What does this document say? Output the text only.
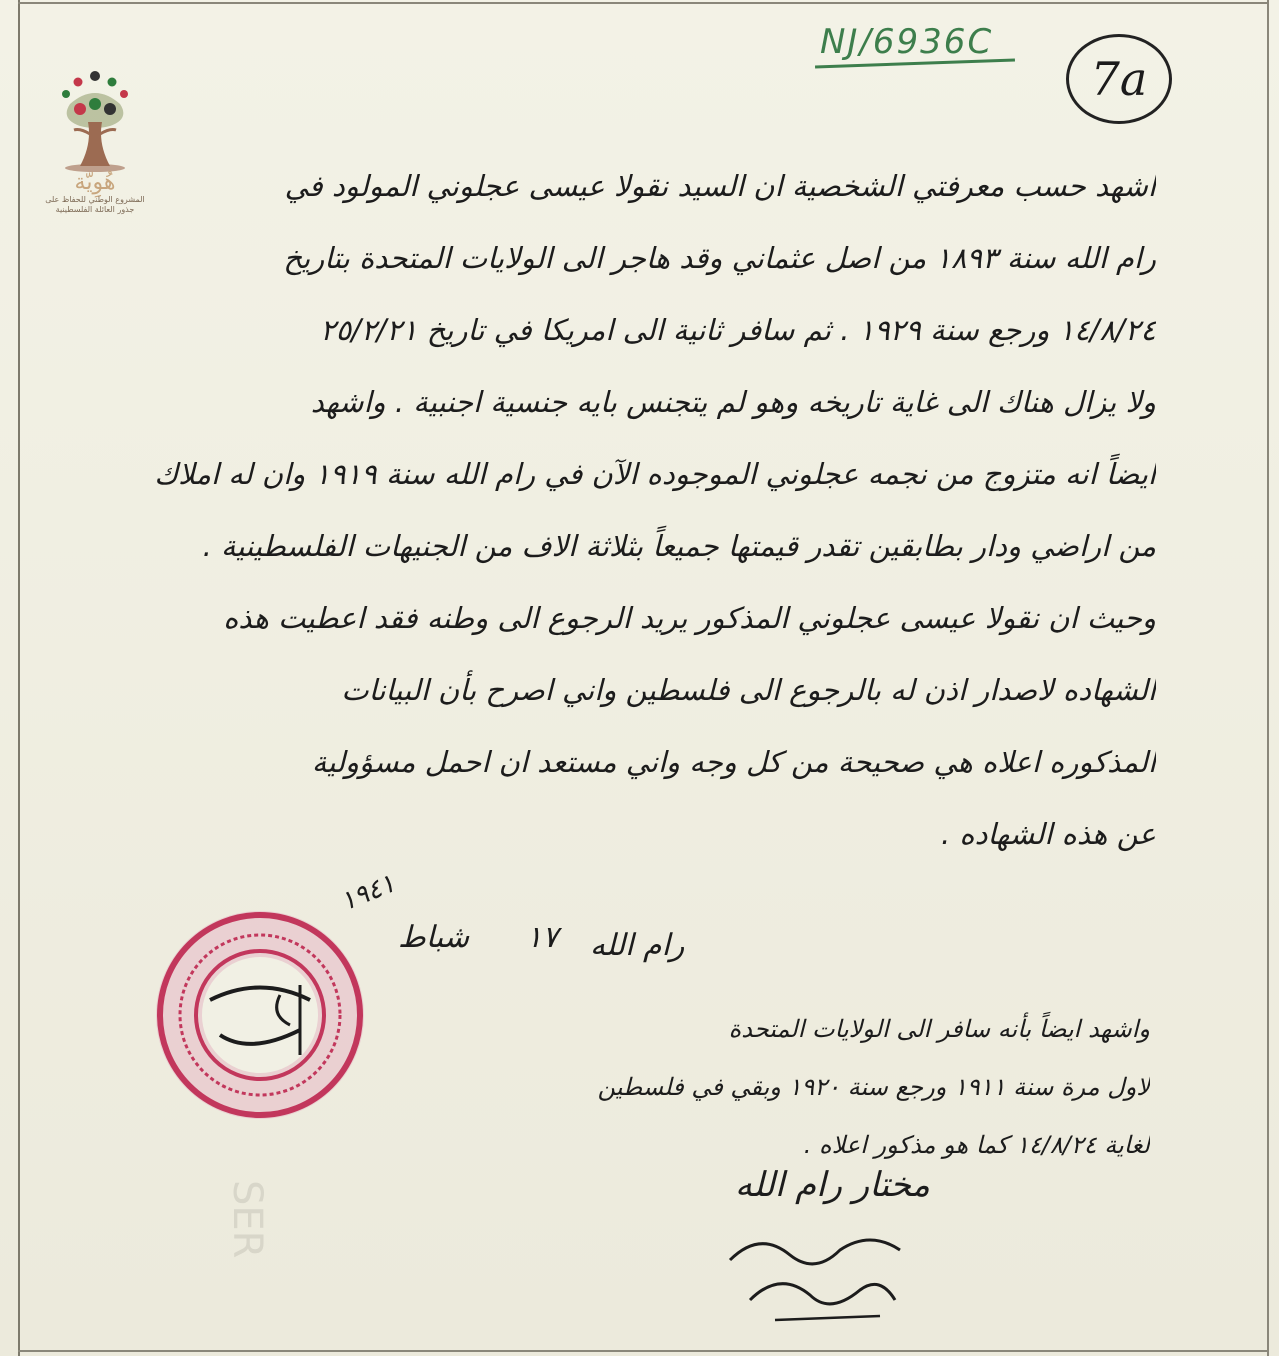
NJ/6936C
7a
هُوِيّة
المشروع الوطني للحفاظ على جذور العائلة الفلسطينية
اشهد حسب معرفتي الشخصية ان السيد نقولا عيسى عجلوني المولود في
رام الله سنة ١٨٩٣ من اصل عثماني وقد هاجر الى الولايات المتحدة بتاريخ
١٤/٨/٢٤ ورجع سنة ١٩٢٩ . ثم سافر ثانية الى امريكا في تاريخ ٢٥/٢/٢١
ولا يزال هناك الى غاية تاريخه وهو لم يتجنس بايه جنسية اجنبية . واشهد
ايضاً انه متزوج من نجمه عجلوني الموجوده الآن في رام الله سنة ١٩١٩ وان له املاك
من اراضي ودار بطابقين تقدر قيمتها جميعاً بثلاثة الاف من الجنيهات الفلسطينية .
وحيث ان نقولا عيسى عجلوني المذكور يريد الرجوع الى وطنه فقد اعطيت هذه
الشهاده لاصدار اذن له بالرجوع الى فلسطين واني اصرح بأن البيانات
المذكوره اعلاه هي صحيحة من كل وجه واني مستعد ان احمل مسؤولية
عن هذه الشهاده .
١٩٤١
شباط ١٧ رام الله
واشهد ايضاً بأنه سافر الى الولايات المتحدة
لاول مرة سنة ١٩١١ ورجع سنة ١٩٢٠ وبقي في فلسطين
لغاية ١٤/٨/٢٤ كما هو مذكور اعلاه .
مختار رام الله
SER
